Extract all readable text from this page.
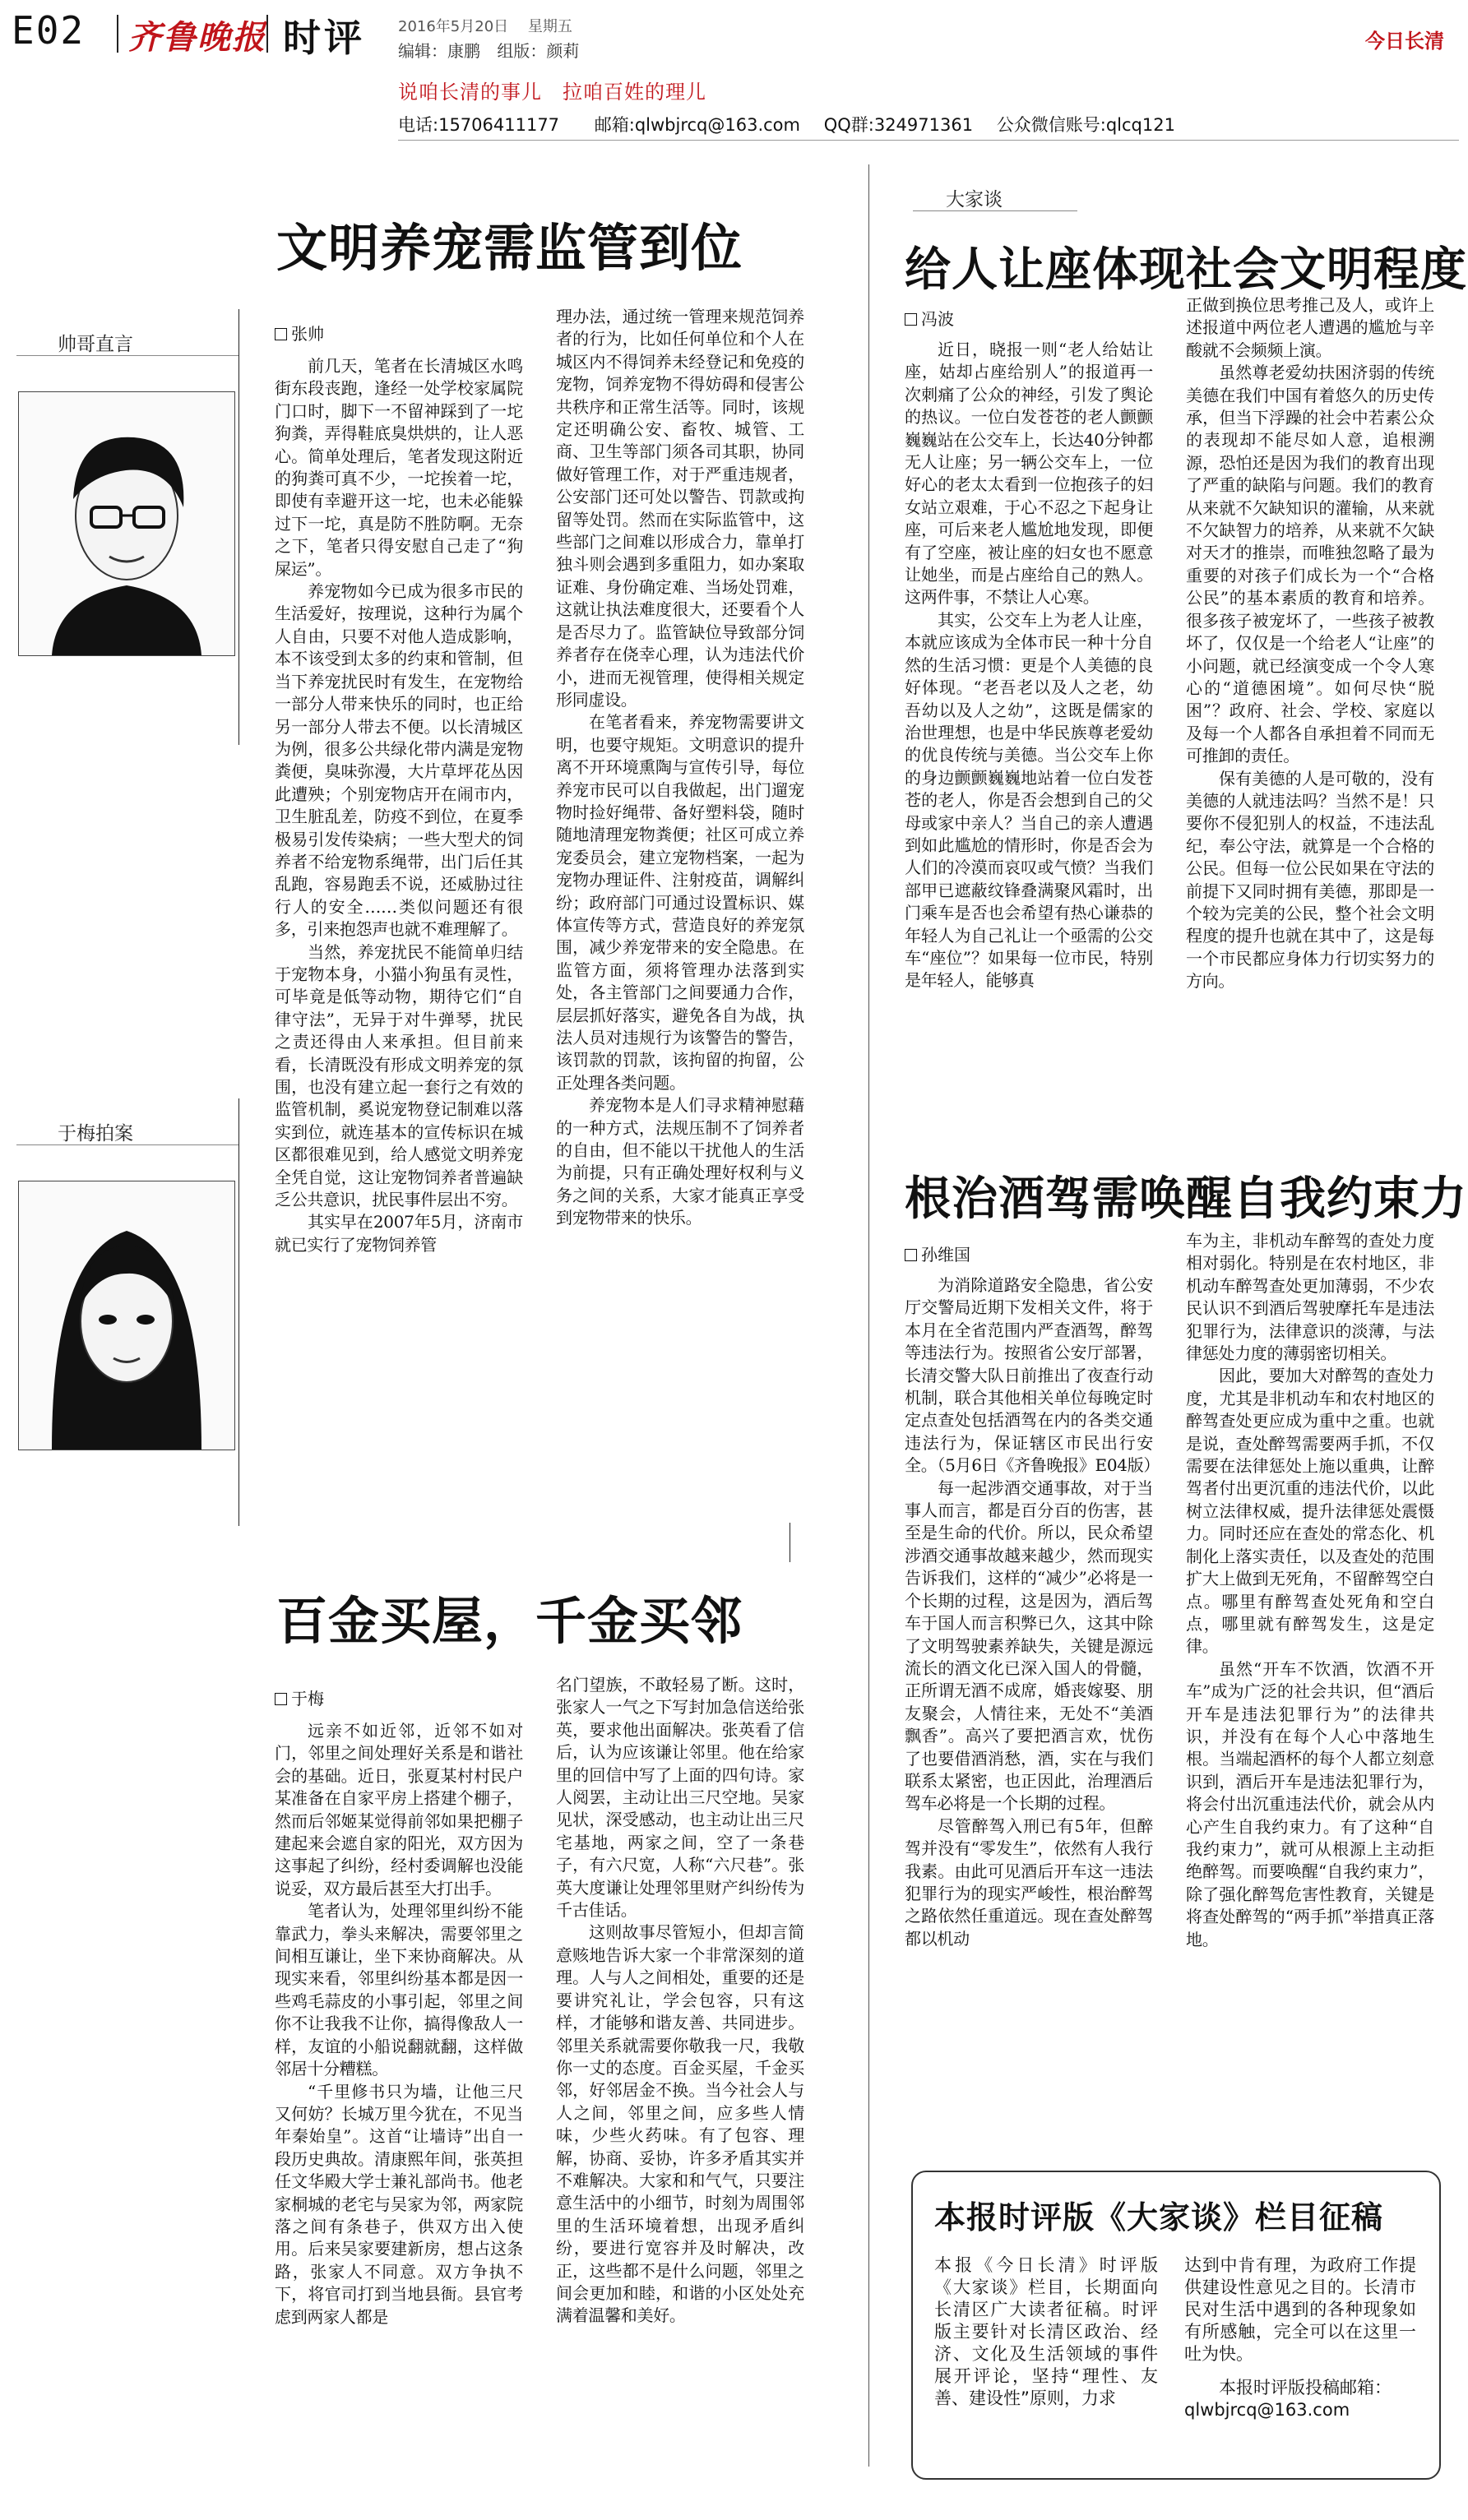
E02 齐鲁晚报 时评 2016年5月20日 星期五
编辑：康鹏 组版：颜莉
说咱长清的事儿　拉咱百姓的理儿
今日长清
电话:15706411177 邮箱:qlwbjrcq@163.com QQ群:324971361 公众微信账号:qlcq121
帅哥直言
于梅拍案
文明养宠需监管到位
张帅

前几天，笔者在长清城区水鸣街东段丧跑，逢经一处学校家属院门口时，脚下一不留神踩到了一坨狗粪，弄得鞋底臭烘烘的，让人恶心。简单处理后，笔者发现这附近的狗粪可真不少，一坨挨着一坨，即使有幸避开这一坨，也未必能躲过下一坨，真是防不胜防啊。无奈之下，笔者只得安慰自己走了“狗屎运”。

养宠物如今已成为很多市民的生活爱好，按理说，这种行为属个人自由，只要不对他人造成影响，本不该受到太多的约束和管制，但当下养宠扰民时有发生，在宠物给一部分人带来快乐的同时，也正给另一部分人带去不便。以长清城区为例，很多公共绿化带内满是宠物粪便，臭味弥漫，大片草坪花丛因此遭殃；个别宠物店开在闹市内，卫生脏乱差，防疫不到位，在夏季极易引发传染病；一些大型犬的饲养者不给宠物系绳带，出门后任其乱跑，容易跑丢不说，还威胁过往行人的安全……类似问题还有很多，引来抱怨声也就不难理解了。

当然，养宠扰民不能简单归结于宠物本身，小猫小狗虽有灵性，可毕竟是低等动物，期待它们“自律守法”，无异于对牛弹琴，扰民之责还得由人来承担。但目前来看，长清既没有形成文明养宠的氛围，也没有建立起一套行之有效的监管机制，奚说宠物登记制难以落实到位，就连基本的宣传标识在城区都很难见到，给人感觉文明养宠全凭自觉，这让宠物饲养者普遍缺乏公共意识，扰民事件层出不穷。

其实早在2007年5月，济南市就已实行了宠物饲养管

理办法，通过统一管理来规范饲养者的行为，比如任何单位和个人在城区内不得饲养未经登记和免疫的宠物，饲养宠物不得妨碍和侵害公共秩序和正常生活等。同时，该规定还明确公安、畜牧、城管、工商、卫生等部门须各司其职，协同做好管理工作，对于严重违规者，公安部门还可处以警告、罚款或拘留等处罚。然而在实际监管中，这些部门之间难以形成合力，靠单打独斗则会遇到多重阻力，如办案取证难、身份确定难、当场处罚难，这就让执法难度很大，还要看个人是否尽力了。监管缺位导致部分饲养者存在侥幸心理，认为违法代价小，进而无视管理，使得相关规定形同虚设。

在笔者看来，养宠物需要讲文明，也要守规矩。文明意识的提升离不开环境熏陶与宣传引导，每位养宠市民可以自我做起，出门遛宠物时捡好绳带、备好塑料袋，随时随地清理宠物粪便；社区可成立养宠委员会，建立宠物档案，一起为宠物办理证件、注射疫苗，调解纠纷；政府部门可通过设置标识、媒体宣传等方式，营造良好的养宠氛围，减少养宠带来的安全隐患。在监管方面，须将管理办法落到实处，各主管部门之间要通力合作，层层抓好落实，避免各自为战，执法人员对违规行为该警告的警告，该罚款的罚款，该拘留的拘留，公正处理各类问题。

养宠物本是人们寻求精神慰藉的一种方式，法规压制不了饲养者的自由，但不能以干扰他人的生活为前提，只有正确处理好权利与义务之间的关系，大家才能真正享受到宠物带来的快乐。

百金买屋，千金买邻
于梅

远亲不如近邻，近邻不如对门，邻里之间处理好关系是和谐社会的基础。近日，张夏某村村民户某准备在自家平房上搭建个棚子，然而后邻姬某觉得前邻如果把棚子建起来会遮自家的阳光，双方因为这事起了纠纷，经村委调解也没能说妥，双方最后甚至大打出手。

笔者认为，处理邻里纠纷不能靠武力，拳头来解决，需要邻里之间相互谦让，坐下来协商解决。从现实来看，邻里纠纷基本都是因一些鸡毛蒜皮的小事引起，邻里之间你不让我我不让你，搞得像敌人一样，友谊的小船说翻就翻，这样做邻居十分糟糕。

“千里修书只为墙，让他三尺又何妨？长城万里今犹在，不见当年秦始皇”。这首“让墙诗”出自一段历史典故。清康熙年间，张英担任文华殿大学士兼礼部尚书。他老家桐城的老宅与吴家为邻，两家院落之间有条巷子，供双方出入使用。后来吴家要建新房，想占这条路，张家人不同意。双方争执不下，将官司打到当地县衙。县官考虑到两家人都是

名门望族，不敢轻易了断。这时，张家人一气之下写封加急信送给张英，要求他出面解决。张英看了信后，认为应该谦让邻里。他在给家里的回信中写了上面的四句诗。家人阅罢，主动让出三尺空地。吴家见状，深受感动，也主动让出三尺宅基地，两家之间，空了一条巷子，有六尺宽，人称“六尺巷”。张英大度谦让处理邻里财产纠纷传为千古佳话。

这则故事尽管短小，但却言简意赅地告诉大家一个非常深刻的道理。人与人之间相处，重要的还是要讲究礼让，学会包容，只有这样，才能够和谐友善、共同进步。邻里关系就需要你敬我一尺，我敬你一丈的态度。百金买屋，千金买邻，好邻居金不换。当今社会人与人之间，邻里之间，应多些人情味，少些火药味。有了包容、理解，协商、妥协，许多矛盾其实并不难解决。大家和和气气，只要注意生活中的小细节，时刻为周围邻里的生活环境着想，出现矛盾纠纷，要进行宽容并及时解决，改正，这些都不是什么问题，邻里之间会更加和睦，和谐的小区处处充满着温馨和美好。

大家谈
给人让座体现社会文明程度
冯波

近日，晓报一则“老人给姑让座，姑却占座给别人”的报道再一次刺痛了公众的神经，引发了舆论的热议。一位白发苍苍的老人颤颤巍巍站在公交车上，长达40分钟都无人让座；另一辆公交车上，一位好心的老太太看到一位抱孩子的妇女站立艰难，于心不忍之下起身让座，可后来老人尴尬地发现，即便有了空座，被让座的妇女也不愿意让她坐，而是占座给自己的熟人。这两件事，不禁让人心寒。

其实，公交车上为老人让座，本就应该成为全体市民一种十分自然的生活习惯：更是个人美德的良好体现。“老吾老以及人之老，幼吾幼以及人之幼”，这既是儒家的治世理想，也是中华民族尊老爱幼的优良传统与美德。当公交车上你的身边颤颤巍巍地站着一位白发苍苍的老人，你是否会想到自己的父母或家中亲人？当自己的亲人遭遇到如此尴尬的情形时，你是否会为人们的冷漠而哀叹或气愤？当我们部甲已遮蔽纹锋叠满聚风霜时，出门乘车是否也会希望有热心谦恭的年轻人为自己礼让一个亟需的公交车“座位”？如果每一位市民，特别是年轻人，能够真

正做到换位思考推己及人，或许上述报道中两位老人遭遇的尴尬与辛酸就不会频频上演。

虽然尊老爱幼扶困济弱的传统美德在我们中国有着悠久的历史传承，但当下浮躁的社会中若素公众的表现却不能尽如人意，追根溯源，恐怕还是因为我们的教育出现了严重的缺陷与问题。我们的教育从来就不欠缺知识的灌输，从来就不欠缺智力的培养，从来就不欠缺对天才的推崇，而唯独忽略了最为重要的对孩子们成长为一个“合格公民”的基本素质的教育和培养。很多孩子被宠坏了，一些孩子被教坏了，仅仅是一个给老人“让座”的小问题，就已经演变成一个令人寒心的“道德困境”。如何尽快“脱困”？政府、社会、学校、家庭以及每一个人都各自承担着不同而无可推卸的责任。

保有美德的人是可敬的，没有美德的人就违法吗？当然不是！只要你不侵犯别人的权益，不违法乱纪，奉公守法，就算是一个合格的公民。但每一位公民如果在守法的前提下又同时拥有美德，那即是一个较为完美的公民，整个社会文明程度的提升也就在其中了，这是每一个市民都应身体力行切实努力的方向。

根治酒驾需唤醒自我约束力
孙维国

为消除道路安全隐患，省公安厅交警局近期下发相关文件，将于本月在全省范围内严查酒驾，醉驾等违法行为。按照省公安厅部署，长清交警大队日前推出了夜查行动机制，联合其他相关单位每晚定时定点查处包括酒驾在内的各类交通违法行为，保证辖区市民出行安全。（5月6日《齐鲁晚报》E04版）

每一起涉酒交通事故，对于当事人而言，都是百分百的伤害，甚至是生命的代价。所以，民众希望涉酒交通事故越来越少，然而现实告诉我们，这样的“减少”必将是一个长期的过程，这是因为，酒后驾车于国人而言积弊已久，这其中除了文明驾驶素养缺失，关键是源远流长的酒文化已深入国人的骨髓，正所谓无酒不成席，婚丧嫁娶、朋友聚会，人情往来，无处不“美酒飘香”。高兴了要把酒言欢，忧伤了也要借酒消愁，酒，实在与我们联系太紧密，也正因此，治理酒后驾车必将是一个长期的过程。

尽管醉驾入刑已有5年，但醉驾并没有“零发生”，依然有人我行我素。由此可见酒后开车这一违法犯罪行为的现实严峻性，根治醉驾之路依然任重道远。现在查处醉驾都以机动

车为主，非机动车醉驾的查处力度相对弱化。特别是在农村地区，非机动车醉驾查处更加薄弱，不少农民认识不到酒后驾驶摩托车是违法犯罪行为，法律意识的淡薄，与法律惩处力度的薄弱密切相关。

因此，要加大对醉驾的查处力度，尤其是非机动车和农村地区的醉驾查处更应成为重中之重。也就是说，查处醉驾需要两手抓，不仅需要在法律惩处上施以重典，让醉驾者付出更沉重的违法代价，以此树立法律权威，提升法律惩处震慑力。同时还应在查处的常态化、机制化上落实责任，以及查处的范围扩大上做到无死角，不留醉驾空白点。哪里有醉驾查处死角和空白点，哪里就有醉驾发生，这是定律。

虽然“开车不饮酒，饮酒不开车”成为广泛的社会共识，但“酒后开车是违法犯罪行为”的法律共识，并没有在每个人心中落地生根。当端起酒杯的每个人都立刻意识到，酒后开车是违法犯罪行为，将会付出沉重违法代价，就会从内心产生自我约束力。有了这种“自我约束力”，就可从根源上主动拒绝醉驾。而要唤醒“自我约束力”，除了强化醉驾危害性教育，关键是将查处醉驾的“两手抓”举措真正落地。

本报时评版《大家谈》栏目征稿
本报《今日长清》时评版《大家谈》栏目，长期面向长清区广大读者征稿。时评版主要针对长清区政治、经济、文化及生活领域的事件展开评论，坚持“理性、友善、建设性”原则，力求
达到中肯有理，为政府工作提供建设性意见之目的。长清市民对生活中遇到的各种现象如有所感触，完全可以在这里一吐为快。
本报时评版投稿邮箱：
qlwbjrcq@163.com
